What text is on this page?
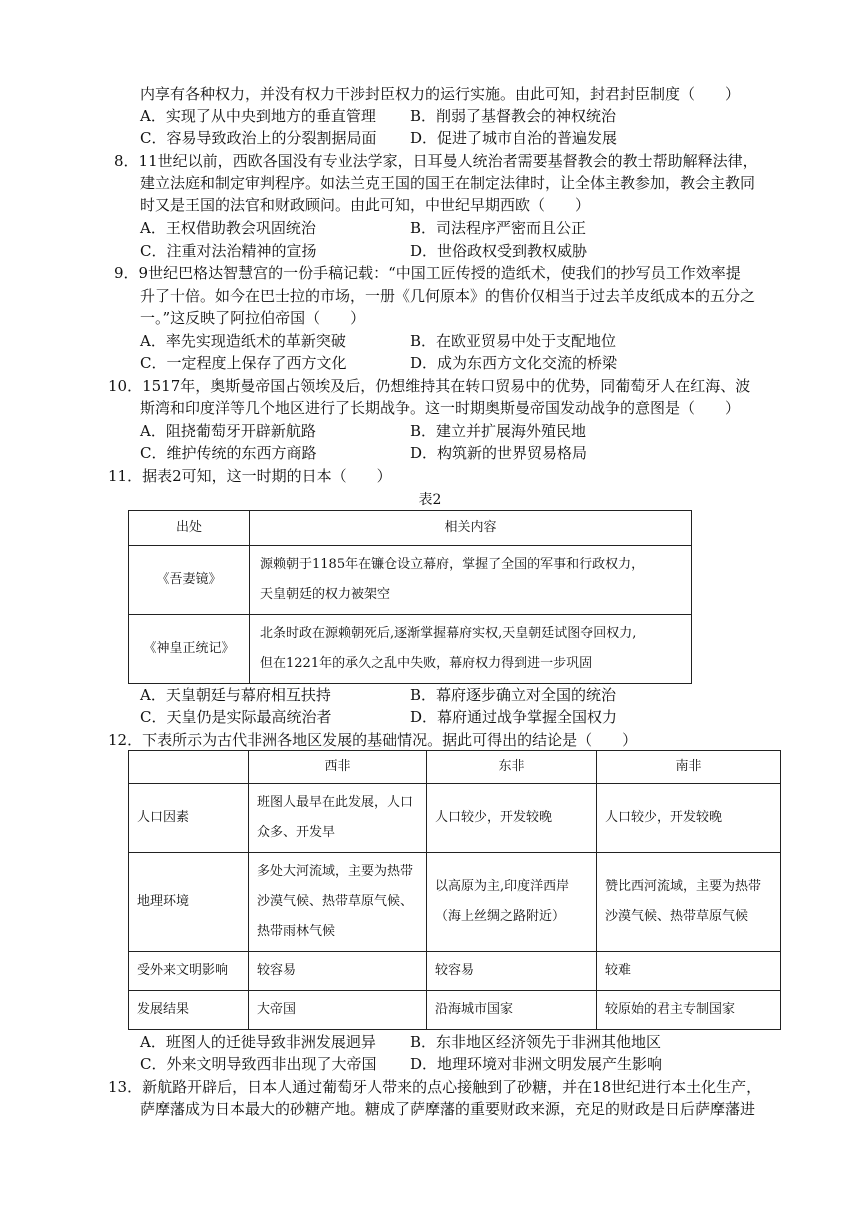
内享有各种权力，并没有权力干涉封臣权力的运行实施。由此可知，封君封臣制度（　　）
A．实现了从中央到地方的垂直管理 B．削弱了基督教会的神权统治
C．容易导致政治上的分裂割据局面 D．促进了城市自治的普遍发展
8．11世纪以前，西欧各国没有专业法学家，日耳曼人统治者需要基督教会的教士帮助解释法律，
建立法庭和制定审判程序。如法兰克王国的国王在制定法律时，让全体主教参加，教会主教同
时又是王国的法官和财政顾问。由此可知，中世纪早期西欧（　　）
A．王权借助教会巩固统治	B．司法程序严密而且公正
C．注重对法治精神的宣扬	D．世俗政权受到教权威胁
9．9世纪巴格达智慧宫的一份手稿记载：“中国工匠传授的造纸术，使我们的抄写员工作效率提
升了十倍。如今在巴士拉的市场，一册《几何原本》的售价仅相当于过去羊皮纸成本的五分之
一。”这反映了阿拉伯帝国（　　）
A．率先实现造纸术的革新突破	B．在欧亚贸易中处于支配地位
C．一定程度上保存了西方文化	D．成为东西方文化交流的桥梁
10．1517年，奥斯曼帝国占领埃及后，仍想维持其在转口贸易中的优势，同葡萄牙人在红海、波
斯湾和印度洋等几个地区进行了长期战争。这一时期奥斯曼帝国发动战争的意图是（　　）
A．阻挠葡萄牙开辟新航路	B．建立并扩展海外殖民地
C．维护传统的东西方商路	D．构筑新的世界贸易格局
11．据表2可知，这一时期的日本（　　）
表2
出处	相关内容
《吾妻镜》	源赖朝于1185年在镰仓设立幕府，掌握了全国的军事和行政权力，
天皇朝廷的权力被架空

《神皇正统记》	北条时政在源赖朝死后,逐渐掌握幕府实权,天皇朝廷试图夺回权力,
但在1221年的承久之乱中失败，幕府权力得到进一步巩固
A．天皇朝廷与幕府相互扶持	B．幕府逐步确立对全国的统治
C．天皇仍是实际最高统治者	D．幕府通过战争掌握全国权力
12．下表所示为古代非洲各地区发展的基础情况。据此可得出的结论是（　　）
	西非	东非	南非
人口因素	班图人最早在此发展，人口众多、开发早	人口较少，开发较晚	人口较少，开发较晚
地理环境	多处大河流域，主要为热带沙漠气候、热带草原气候、热带雨林气候	以高原为主,印度洋西岸（海上丝绸之路附近）	赞比西河流域，主要为热带沙漠气候、热带草原气候
受外来文明影响	较容易	较容易	较难
发展结果	大帝国	沿海城市国家	较原始的君主专制国家
A．班图人的迁徙导致非洲发展迥异 B．东非地区经济领先于非洲其他地区
C．外来文明导致西非出现了大帝国 D．地理环境对非洲文明发展产生影响
13．新航路开辟后，日本人通过葡萄牙人带来的点心接触到了砂糖，并在18世纪进行本土化生产，
萨摩藩成为日本最大的砂糖产地。糖成了萨摩藩的重要财政来源，充足的财政是日后萨摩藩进
